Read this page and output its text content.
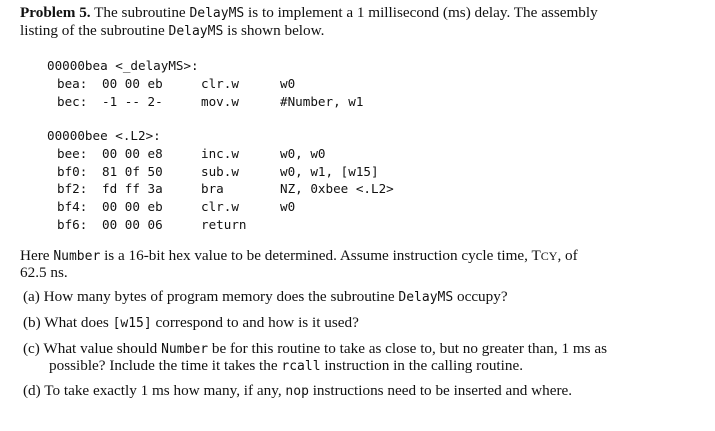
Problem 5. The subroutine DelayMS is to implement a 1 millisecond (ms) delay. The assembly
listing of the subroutine DelayMS is shown below.
00000bea <_delayMS>:
bea: 00 00 eb	clr.w	w0
bec: -1 -- 2-	mov.w	#Number, w1
00000bee <.L2>:
bee: 00 00 e8	inc.w	w0, w0
bf0: 81 0f 50	sub.w	w0, w1, [w15]
bf2: fd ff 3a	bra	NZ, 0xbee <.L2>
bf4: 00 00 eb	clr.w	w0
bf6: 00 00 06	return
Here Number is a 16-bit hex value to be determined. Assume instruction cycle time, TCY, of
62.5 ns.
(a) How many bytes of program memory does the subroutine DelayMS occupy?
(b) What does [w15] correspond to and how is it used?
(c) What value should Number be for this routine to take as close to, but no greater than, 1 ms as
possible? Include the time it takes the rcall instruction in the calling routine.
(d) To take exactly 1 ms how many, if any, nop instructions need to be inserted and where.
